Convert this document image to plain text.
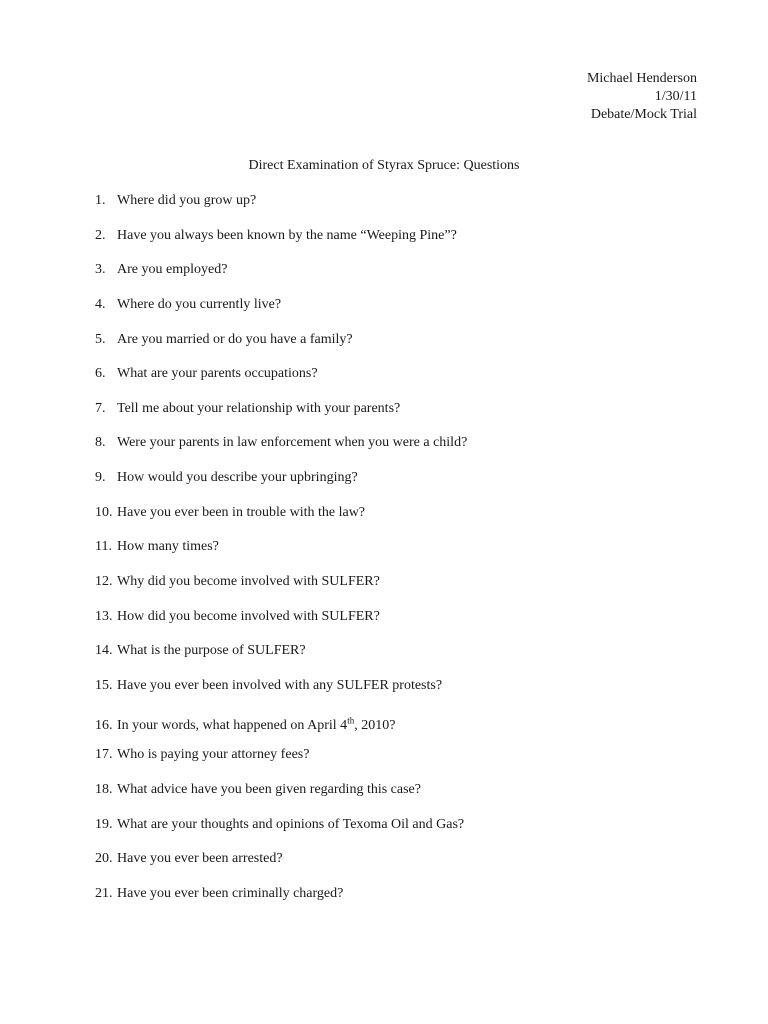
Michael Henderson
1/30/11
Debate/Mock Trial
Direct Examination of Styrax Spruce: Questions
1. Where did you grow up?
2. Have you always been known by the name “Weeping Pine”?
3. Are you employed?
4. Where do you currently live?
5. Are you married or do you have a family?
6. What are your parents occupations?
7. Tell me about your relationship with your parents?
8. Were your parents in law enforcement when you were a child?
9. How would you describe your upbringing?
10. Have you ever been in trouble with the law?
11. How many times?
12. Why did you become involved with SULFER?
13. How did you become involved with SULFER?
14. What is the purpose of SULFER?
15. Have you ever been involved with any SULFER protests?
16. In your words, what happened on April 4th, 2010?
17. Who is paying your attorney fees?
18. What advice have you been given regarding this case?
19. What are your thoughts and opinions of Texoma Oil and Gas?
20. Have you ever been arrested?
21. Have you ever been criminally charged?
